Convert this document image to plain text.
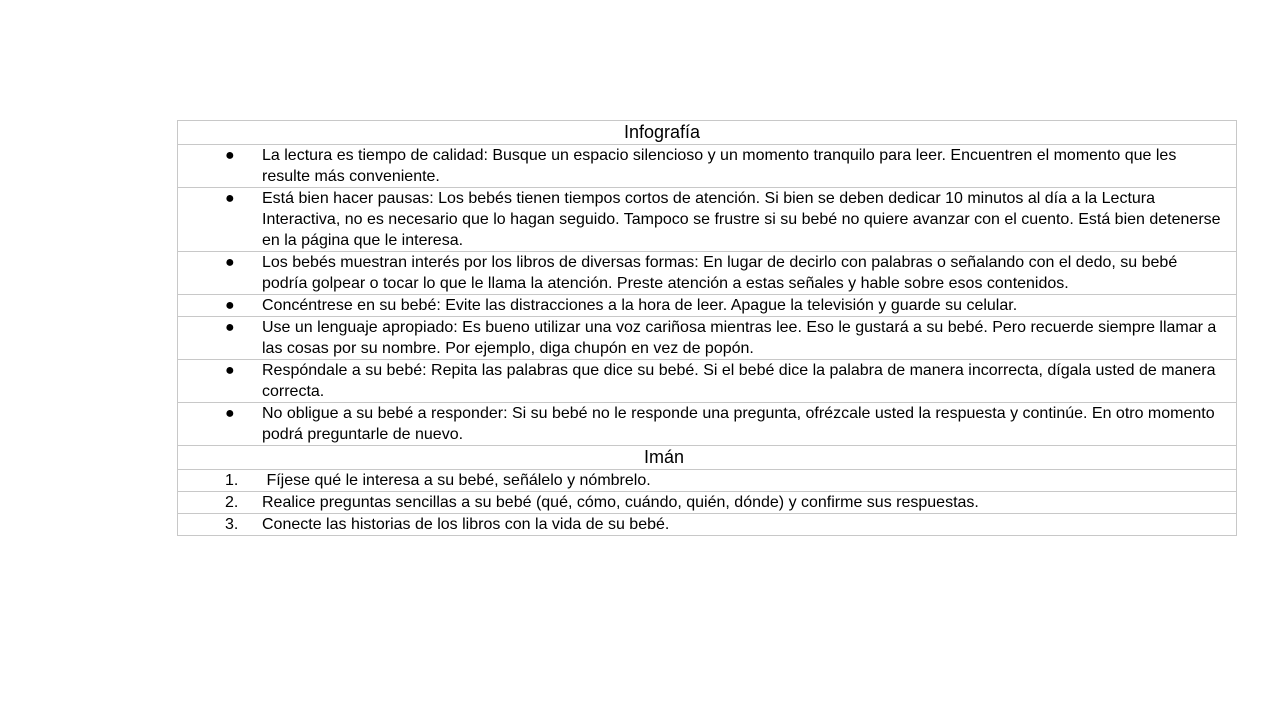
Infografía

●	La lectura es tiempo de calidad: Busque un espacio silencioso y un momento tranquilo para leer. Encuentren el momento que les resulte más conveniente.

●	Está bien hacer pausas: Los bebés tienen tiempos cortos de atención. Si bien se deben dedicar 10 minutos al día a la Lectura Interactiva, no es necesario que lo hagan seguido. Tampoco se frustre si su bebé no quiere avanzar con el cuento. Está bien detenerse en la página que le interesa.

●	Los bebés muestran interés por los libros de diversas formas: En lugar de decirlo con palabras o señalando con el dedo, su bebé podría golpear o tocar lo que le llama la atención. Preste atención a estas señales y hable sobre esos contenidos.

●	Concéntrese en su bebé: Evite las distracciones a la hora de leer. Apague la televisión y guarde su celular.

●	Use un lenguaje apropiado: Es bueno utilizar una voz cariñosa mientras lee. Eso le gustará a su bebé. Pero recuerde siempre llamar a las cosas por su nombre. Por ejemplo, diga chupón en vez de popón.

●	Respóndale a su bebé: Repita las palabras que dice su bebé. Si el bebé dice la palabra de manera incorrecta, dígala usted de manera correcta.

●	No obligue a su bebé a responder: Si su bebé no le responde una pregunta, ofrézcale usted la respuesta y continúe. En otro momento podrá preguntarle de nuevo.

Imán

1.	Fíjese qué le interesa a su bebé, señálelo y nómbrelo.

2.	Realice preguntas sencillas a su bebé (qué, cómo, cuándo, quién, dónde) y confirme sus respuestas.

3.	Conecte las historias de los libros con la vida de su bebé.
